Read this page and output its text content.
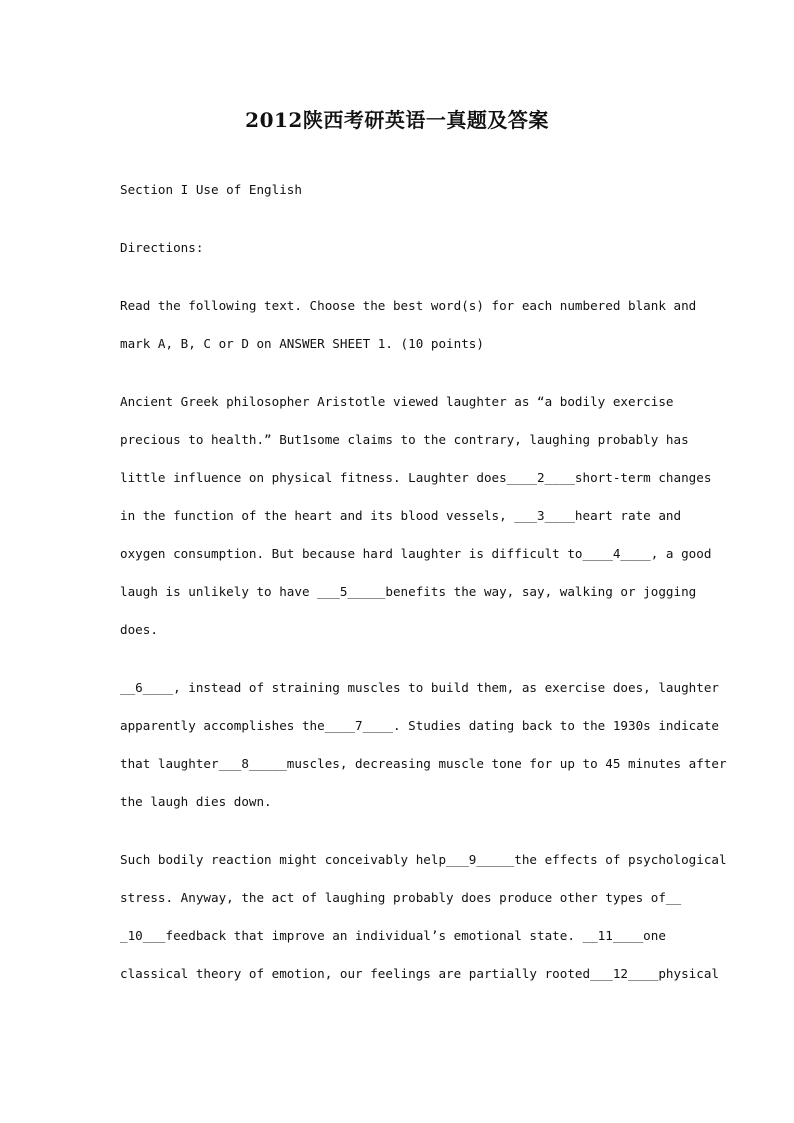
2012陕西考研英语一真题及答案
Section I Use of English
Directions:
Read the following text. Choose the best word(s) for each numbered blank and
mark A, B, C or D on ANSWER SHEET 1. (10 points)
Ancient Greek philosopher Aristotle viewed laughter as “a bodily exercise
precious to health.” But1some claims to the contrary, laughing probably has
little influence on physical fitness. Laughter does____2____short-term changes
in the function of the heart and its blood vessels, ___3____heart rate and
oxygen consumption. But because hard laughter is difficult to____4____, a good
laugh is unlikely to have ___5_____benefits the way, say, walking or jogging
does.
__6____, instead of straining muscles to build them, as exercise does, laughter
apparently accomplishes the____7____. Studies dating back to the 1930s indicate
that laughter___8_____muscles, decreasing muscle tone for up to 45 minutes after
the laugh dies down.
Such bodily reaction might conceivably help___9_____the effects of psychological
stress. Anyway, the act of laughing probably does produce other types of__
_10___feedback that improve an individual’s emotional state. __11____one
classical theory of emotion, our feelings are partially rooted___12____physical
